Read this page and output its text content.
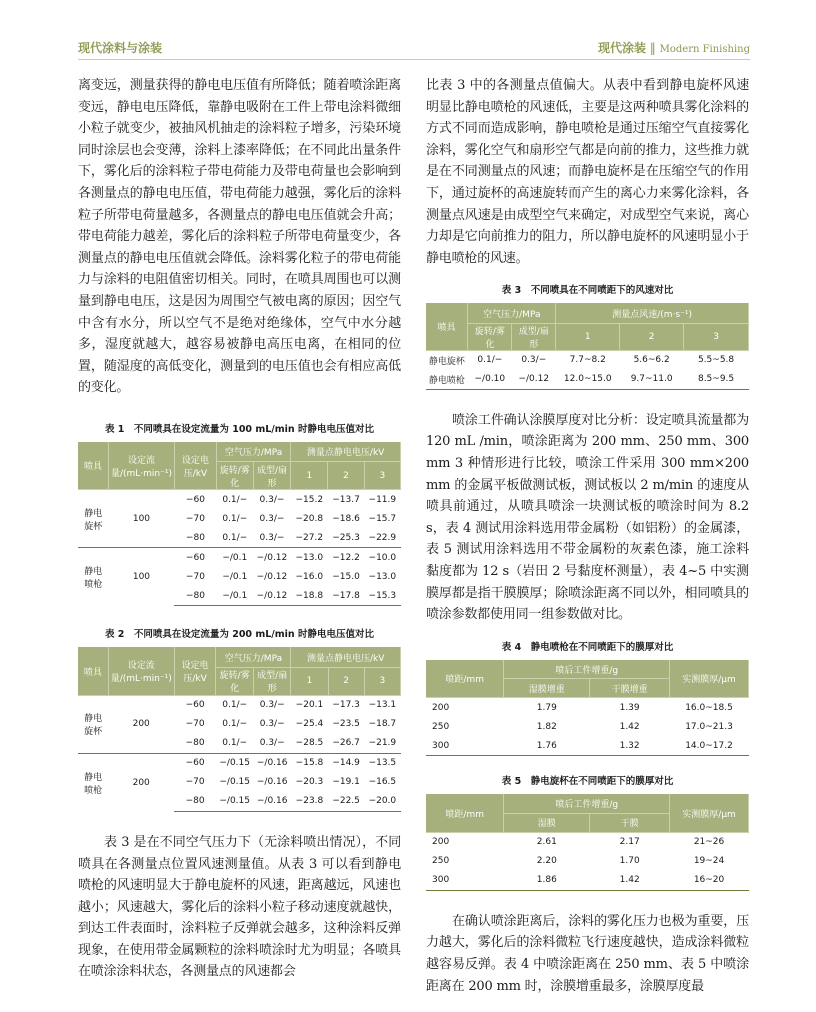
现代涂料与涂装	现代涂装 ‖ Modern Finishing

离变远，测量获得的静电电压值有所降低；随着喷涂距离变远，静电电压降低，靠静电吸附在工件上带电涂料微细小粒子就变少，被抽风机抽走的涂料粒子增多，污染环境同时涂层也会变薄，涂料上漆率降低；在不同此出量条件下，雾化后的涂料粒子带电荷能力及带电荷量也会影响到各测量点的静电电压值，带电荷能力越强，雾化后的涂料粒子所带电荷量越多，各测量点的静电电压值就会升高；带电荷能力越差，雾化后的涂料粒子所带电荷量变少，各测量点的静电电压值就会降低。涂料雾化粒子的带电荷能力与涂料的电阻值密切相关。同时，在喷具周围也可以测量到静电电压，这是因为周围空气被电离的原因；因空气中含有水分，所以空气不是绝对绝缘体，空气中水分越多，湿度就越大，越容易被静电高压电离，在相同的位置，随湿度的高低变化，测量到的电压值也会有相应高低的变化。

表 1　不同喷具在设定流量为 100 mL/min 时静电电压值对比

喷具	设定流量/(mL·min⁻¹)	设定电压/kV	空气压力/MPa		测量点静电电压/kV		
			旋转/雾化	成型/扇形	1	2	3
静电旋杯	100	−60	0.1/−	0.3/−	−15.2	−13.7	−11.9
		−70	0.1/−	0.3/−	−20.8	−18.6	−15.7
		−80	0.1/−	0.3/−	−27.2	−25.3	−22.9
静电喷枪	100	−60	−/0.1	−/0.12	−13.0	−12.2	−10.0
		−70	−/0.1	−/0.12	−16.0	−15.0	−13.0
		−80	−/0.1	−/0.12	−18.8	−17.8	−15.3

表 2　不同喷具在设定流量为 200 mL/min 时静电电压值对比

喷具	设定流量/(mL·min⁻¹)	设定电压/kV	空气压力/MPa		测量点静电电压/kV		
			旋转/雾化	成型/扇形	1	2	3
静电旋杯	200	−60	0.1/−	0.3/−	−20.1	−17.3	−13.1
		−70	0.1/−	0.3/−	−25.4	−23.5	−18.7
		−80	0.1/−	0.3/−	−28.5	−26.7	−21.9
静电喷枪	200	−60	−/0.15	−/0.16	−15.8	−14.9	−13.5
		−70	−/0.15	−/0.16	−20.3	−19.1	−16.5
		−80	−/0.15	−/0.16	−23.8	−22.5	−20.0

表 3 是在不同空气压力下（无涂料喷出情况），不同喷具在各测量点位置风速测量值。从表 3 可以看到静电喷枪的风速明显大于静电旋杯的风速，距离越远，风速也越小；风速越大，雾化后的涂料小粒子移动速度就越快，到达工件表面时，涂料粒子反弹就会越多，这种涂料反弹现象，在使用带金属颗粒的涂料喷涂时尤为明显；各喷具在喷涂涂料状态，各测量点的风速都会

比表 3 中的各测量点值偏大。从表中看到静电旋杯风速明显比静电喷枪的风速低，主要是这两种喷具雾化涂料的方式不同而造成影响，静电喷枪是通过压缩空气直接雾化涂料，雾化空气和扇形空气都是向前的推力，这些推力就是在不同测量点的风速；而静电旋杯是在压缩空气的作用下，通过旋杯的高速旋转而产生的离心力来雾化涂料，各测量点风速是由成型空气来确定，对成型空气来说，离心力却是它向前推力的阻力，所以静电旋杯的风速明显小于静电喷枪的风速。

表 3　不同喷具在不同喷距下的风速对比

喷具	空气压力/MPa		测量点风速/(m·s⁻¹)		
	旋转/雾化	成型/扇形	1	2	3
静电旋杯	0.1/−	0.3/−	7.7~8.2	5.6~6.2	5.5~5.8
静电喷枪	−/0.10	−/0.12	12.0~15.0	9.7~11.0	8.5~9.5

喷涂工件确认涂膜厚度对比分析：设定喷具流量都为 120 mL /min，喷涂距离为 200 mm、250 mm、300 mm 3 种情形进行比较，喷涂工件采用 300 mm×200 mm 的金属平板做测试板，测试板以 2 m/min 的速度从喷具前通过，从喷具喷涂一块测试板的喷涂时间为 8.2 s，表 4 测试用涂料选用带金属粉（如铝粉）的金属漆，表 5 测试用涂料选用不带金属粉的灰素色漆，施工涂料黏度都为 12 s（岩田 2 号黏度杯测量），表 4~5 中实测膜厚都是指干膜膜厚；除喷涂距离不同以外，相同喷具的喷涂参数都使用同一组参数做对比。

表 4　静电喷枪在不同喷距下的膜厚对比

喷距/mm	喷后工件增重/g		实测膜厚/μm
	湿膜增重	干膜增重	
200	1.79	1.39	16.0~18.5
250	1.82	1.42	17.0~21.3
300	1.76	1.32	14.0~17.2

表 5　静电旋杯在不同喷距下的膜厚对比

喷距/mm	喷后工件增重/g		实测膜厚/μm
	湿膜	干膜	
200	2.61	2.17	21~26
250	2.20	1.70	19~24
300	1.86	1.42	16~20

在确认喷涂距离后，涂料的雾化压力也极为重要，压力越大，雾化后的涂料微粒飞行速度越快，造成涂料微粒越容易反弹。表 4 中喷涂距离在 250 mm、表 5 中喷涂距离在 200 mm 时，涂膜增重最多，涂膜厚度最
